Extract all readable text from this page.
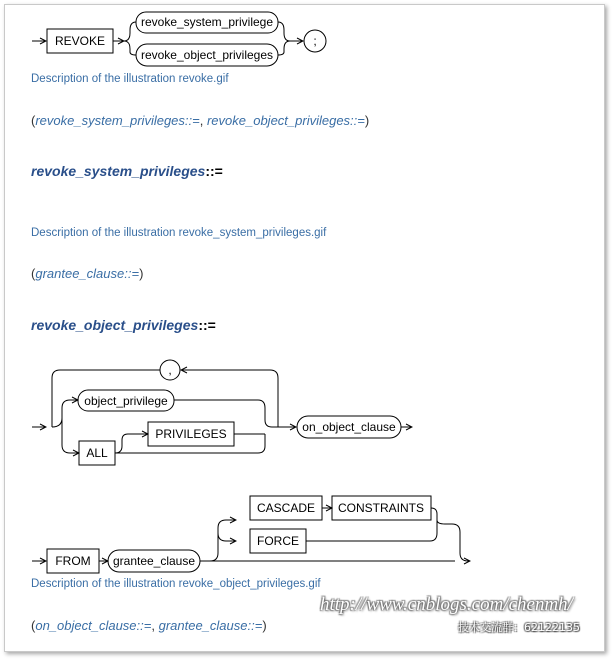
REVOKE
revoke_system_privilege
revoke_object_privileges
;
,
object_privilege
ALL
PRIVILEGES	on_object_clause
FROM grantee_clause
CASCADE CONSTRAINTS
FORCE
Description of the illustration revoke.gif
(revoke_system_privileges::=, revoke_object_privileges::=)
revoke_system_privileges::=
Description of the illustration revoke_system_privileges.gif
(grantee_clause::=)
revoke_object_privileges::=
Description of the illustration revoke_object_privileges.gif
(on_object_clause::=, grantee_clause::=)
http://www.cnblogs.com/chenmh/
技术交流群：62122135
